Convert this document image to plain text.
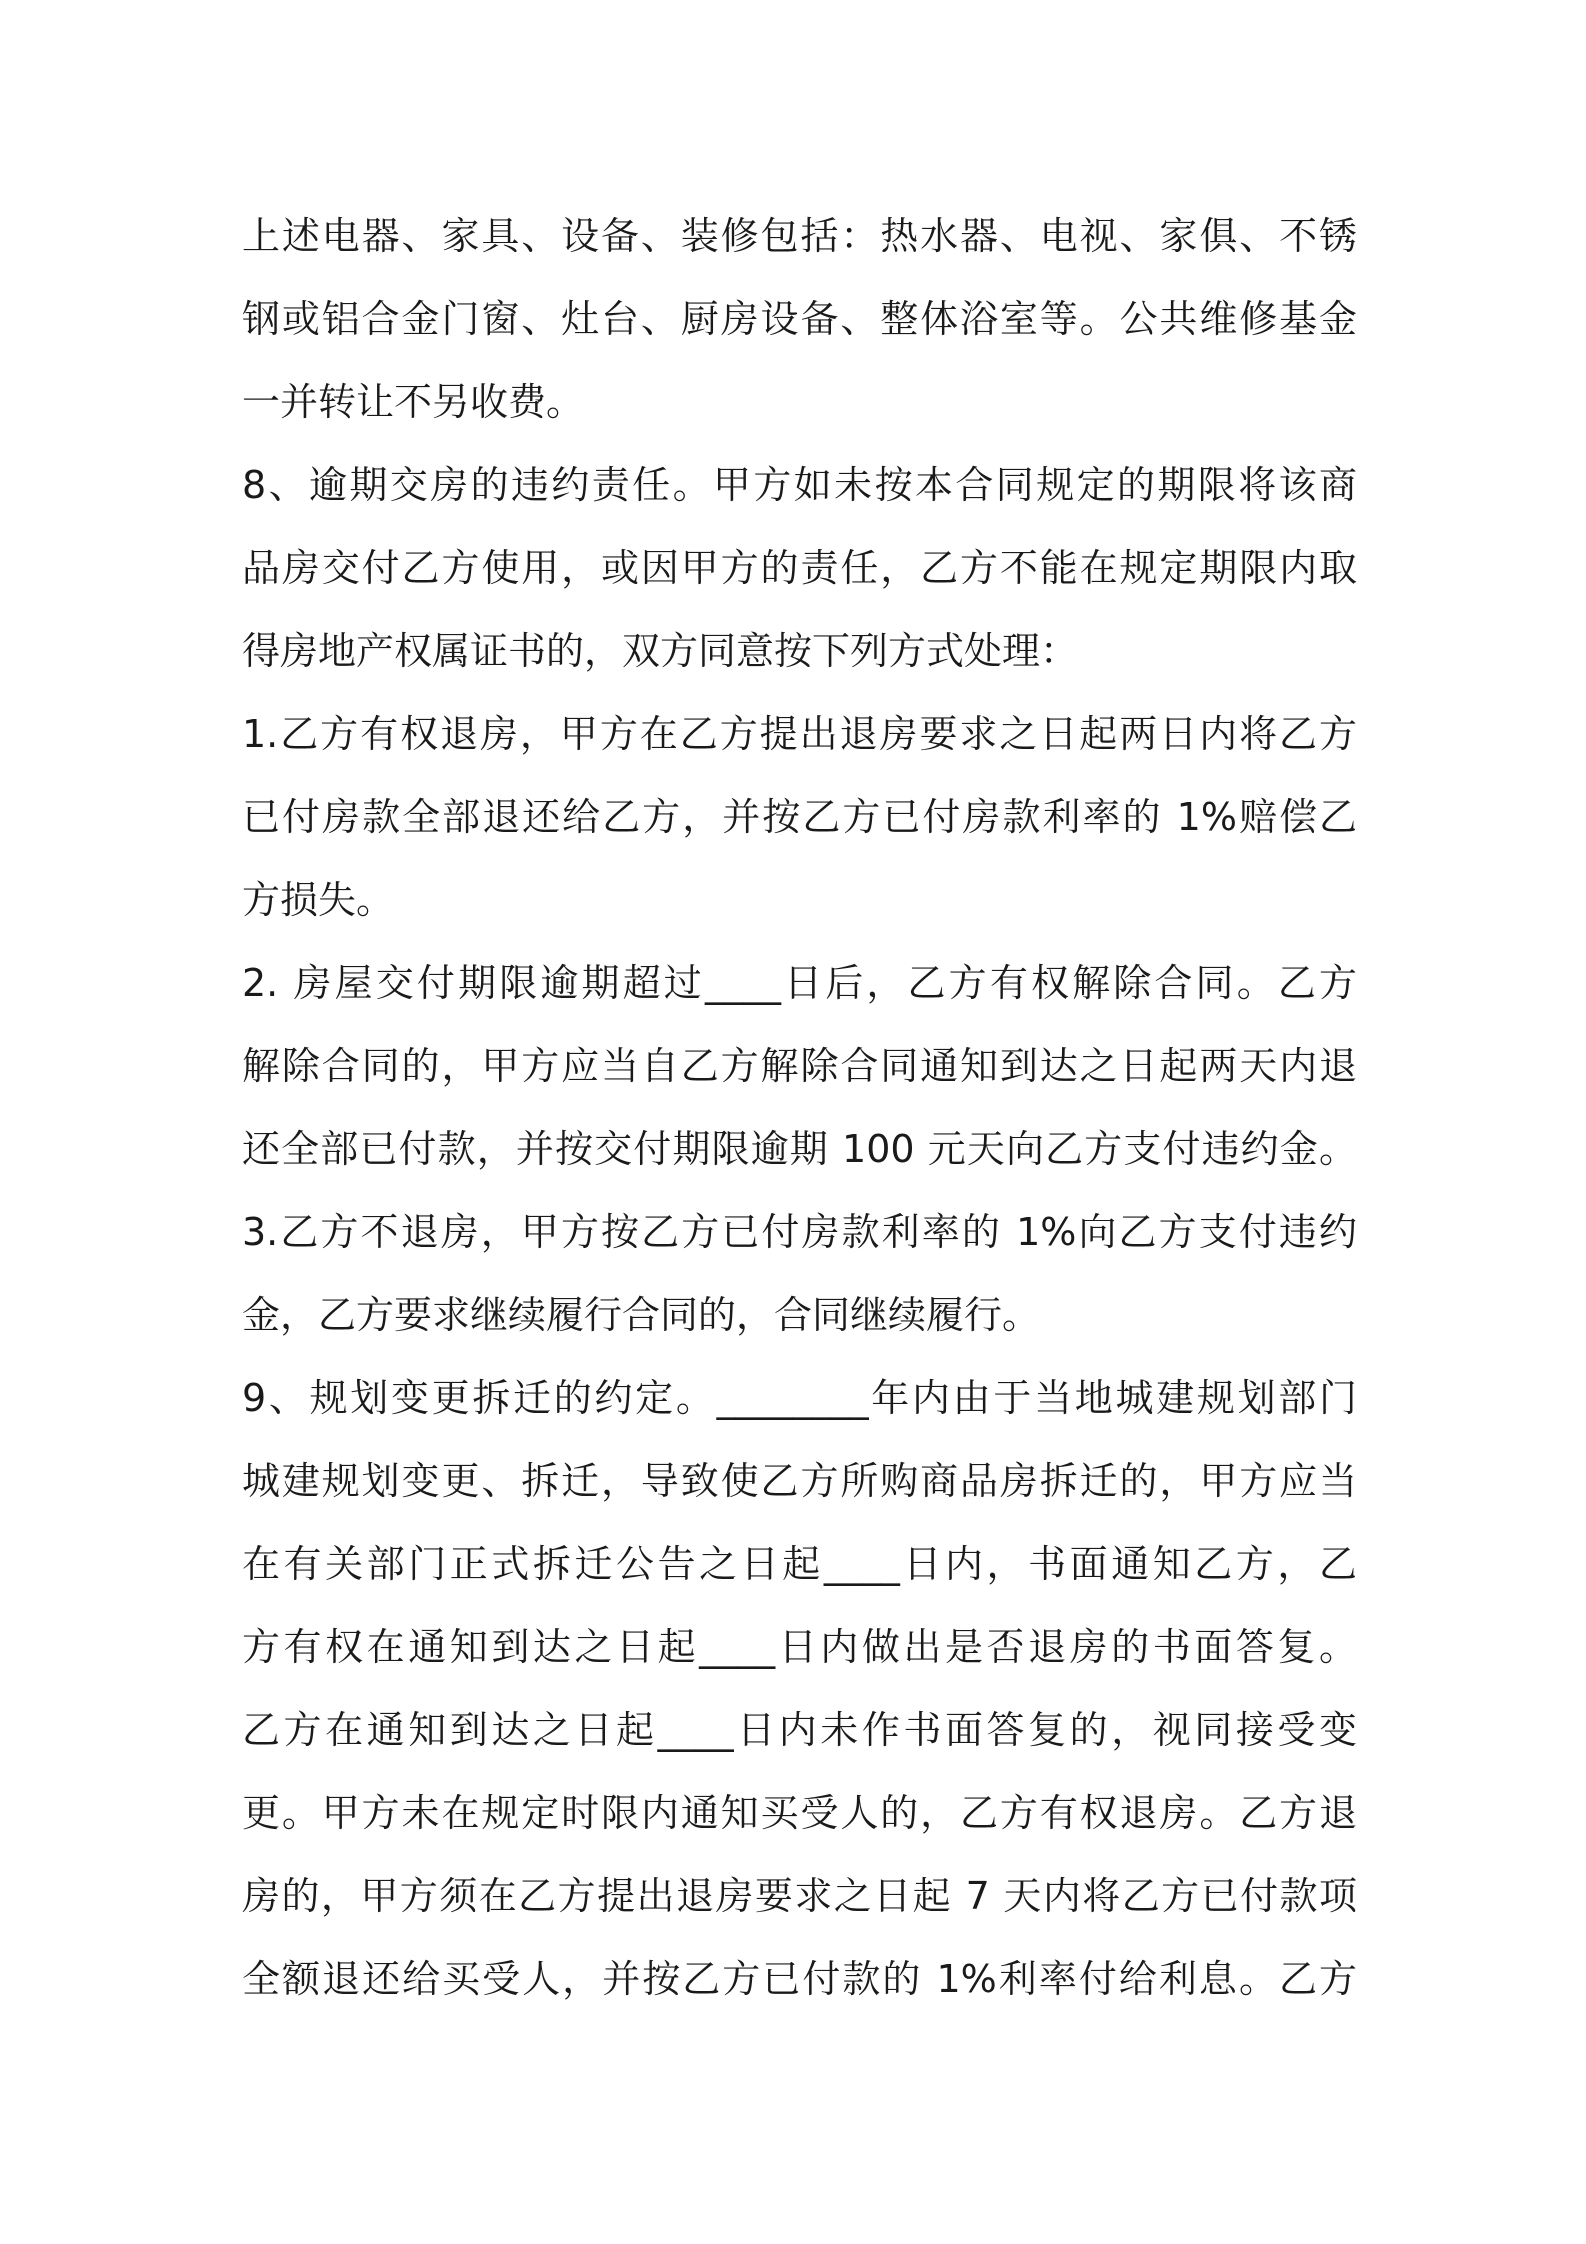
上述电器、家具、设备、装修包括：热水器、电视、家俱、不锈
钢或铝合金门窗、灶台、厨房设备、整体浴室等。公共维修基金
一并转让不另收费。
8、逾期交房的违约责任。甲方如未按本合同规定的期限将该商
品房交付乙方使用，或因甲方的责任，乙方不能在规定期限内取
得房地产权属证书的，双方同意按下列方式处理：
1.乙方有权退房，甲方在乙方提出退房要求之日起两日内将乙方
已付房款全部退还给乙方，并按乙方已付房款利率的 1%赔偿乙
方损失。
2. 房屋交付期限逾期超过____日后，乙方有权解除合同。乙方
解除合同的，甲方应当自乙方解除合同通知到达之日起两天内退
还全部已付款，并按交付期限逾期 100 元天向乙方支付违约金。
3.乙方不退房，甲方按乙方已付房款利率的 1%向乙方支付违约
金，乙方要求继续履行合同的，合同继续履行。
9、规划变更拆迁的约定。________年内由于当地城建规划部门
城建规划变更、拆迁，导致使乙方所购商品房拆迁的，甲方应当
在有关部门正式拆迁公告之日起____日内，书面通知乙方，乙
方有权在通知到达之日起____日内做出是否退房的书面答复。
乙方在通知到达之日起____日内未作书面答复的，视同接受变
更。甲方未在规定时限内通知买受人的，乙方有权退房。乙方退
房的，甲方须在乙方提出退房要求之日起 7 天内将乙方已付款项
全额退还给买受人，并按乙方已付款的 1%利率付给利息。乙方
